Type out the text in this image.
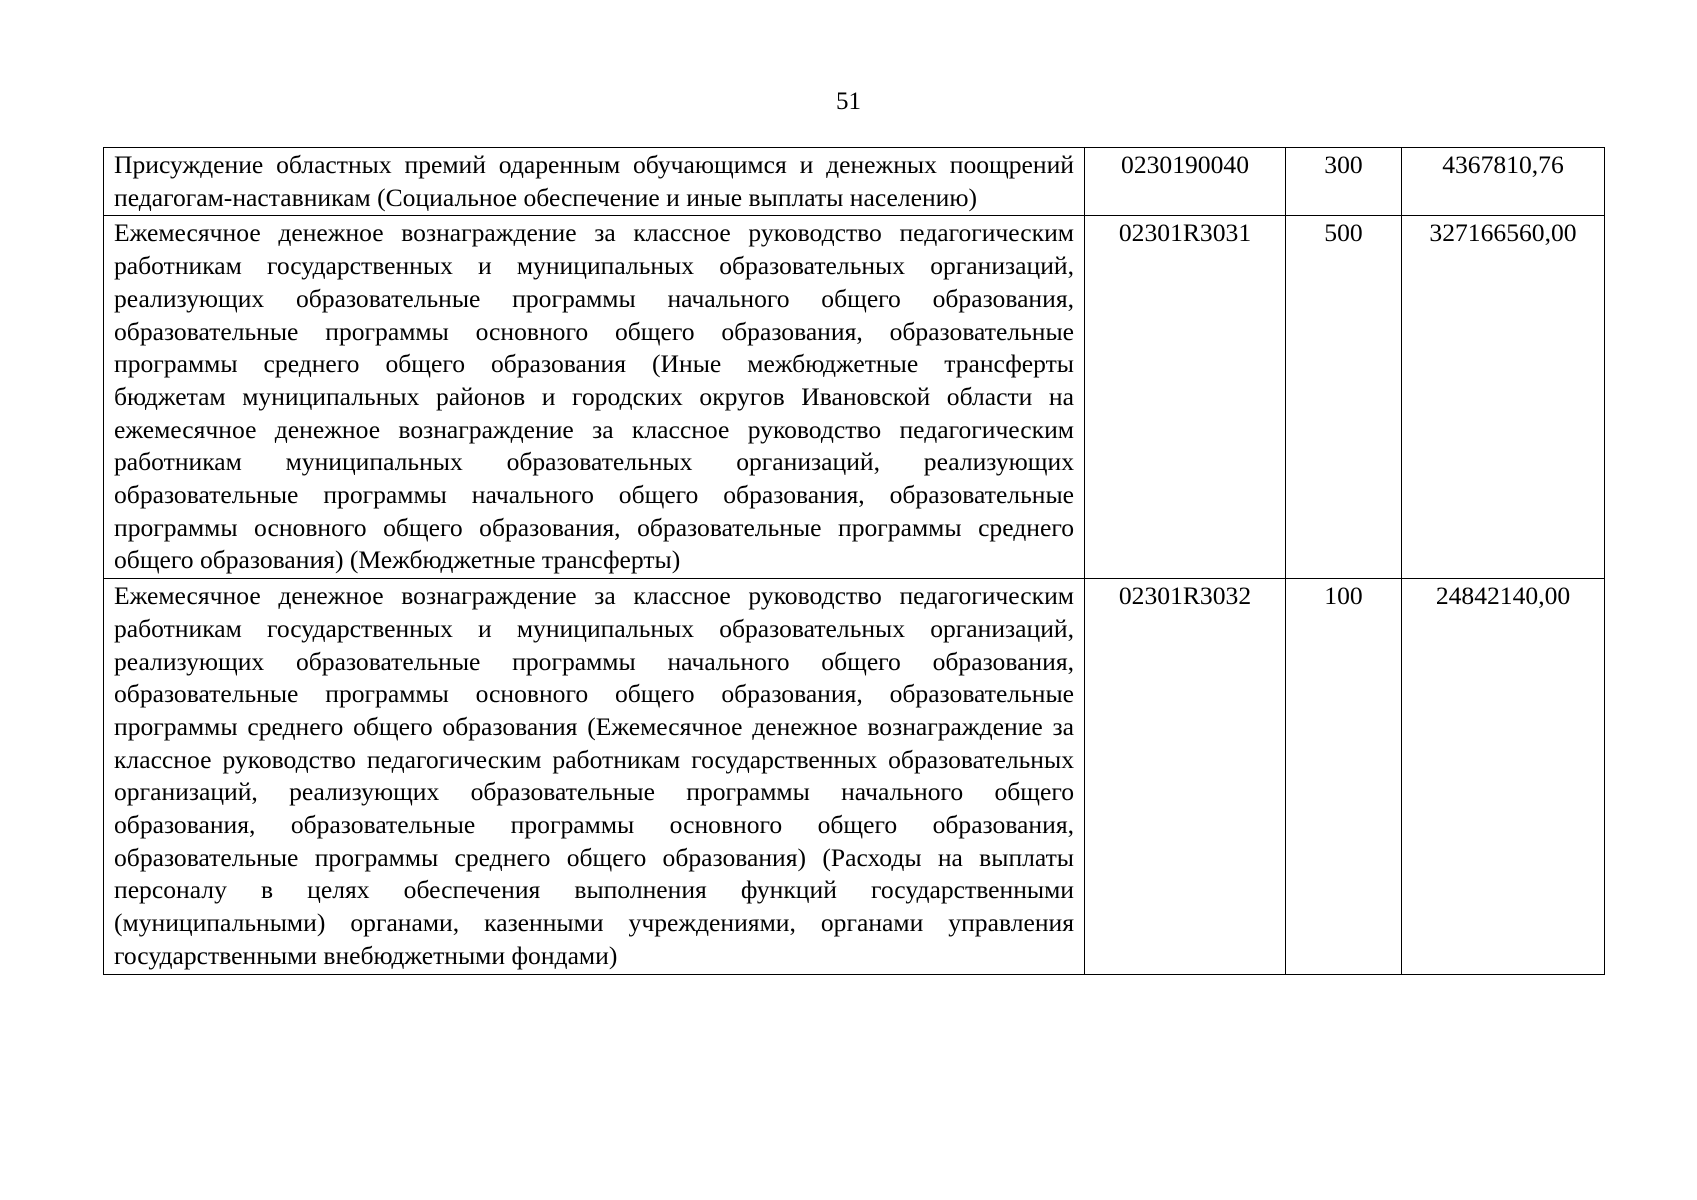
51
Присуждение областных премий одаренным обучающимся и денежных поощрений педагогам-наставникам (Социальное обеспечение и иные выплаты населению)	0230190040	300	4367810,76
Ежемесячное денежное вознаграждение за классное руководство педагогическим работникам государственных и муниципальных образовательных организаций, реализующих образовательные программы начального общего образования, образовательные программы основного общего образования, образовательные программы среднего общего образования (Иные межбюджетные трансферты бюджетам муниципальных районов и городских округов Ивановской области на ежемесячное денежное вознаграждение за классное руководство педагогическим работникам муниципальных образовательных организаций, реализующих образовательные программы начального общего образования, образовательные программы основного общего образования, образовательные программы среднего общего образования) (Межбюджетные трансферты)	02301R3031	500	327166560,00
Ежемесячное денежное вознаграждение за классное руководство педагогическим работникам государственных и муниципальных образовательных организаций, реализующих образовательные программы начального общего образования, образовательные программы основного общего образования, образовательные программы среднего общего образования (Ежемесячное денежное вознаграждение за классное руководство педагогическим работникам государственных образовательных организаций, реализующих образовательные программы начального общего образования, образовательные программы основного общего образования, образовательные программы среднего общего образования) (Расходы на выплаты персоналу в целях обеспечения выполнения функций государственными (муниципальными) органами, казенными учреждениями, органами управления государственными внебюджетными фондами)	02301R3032	100	24842140,00
